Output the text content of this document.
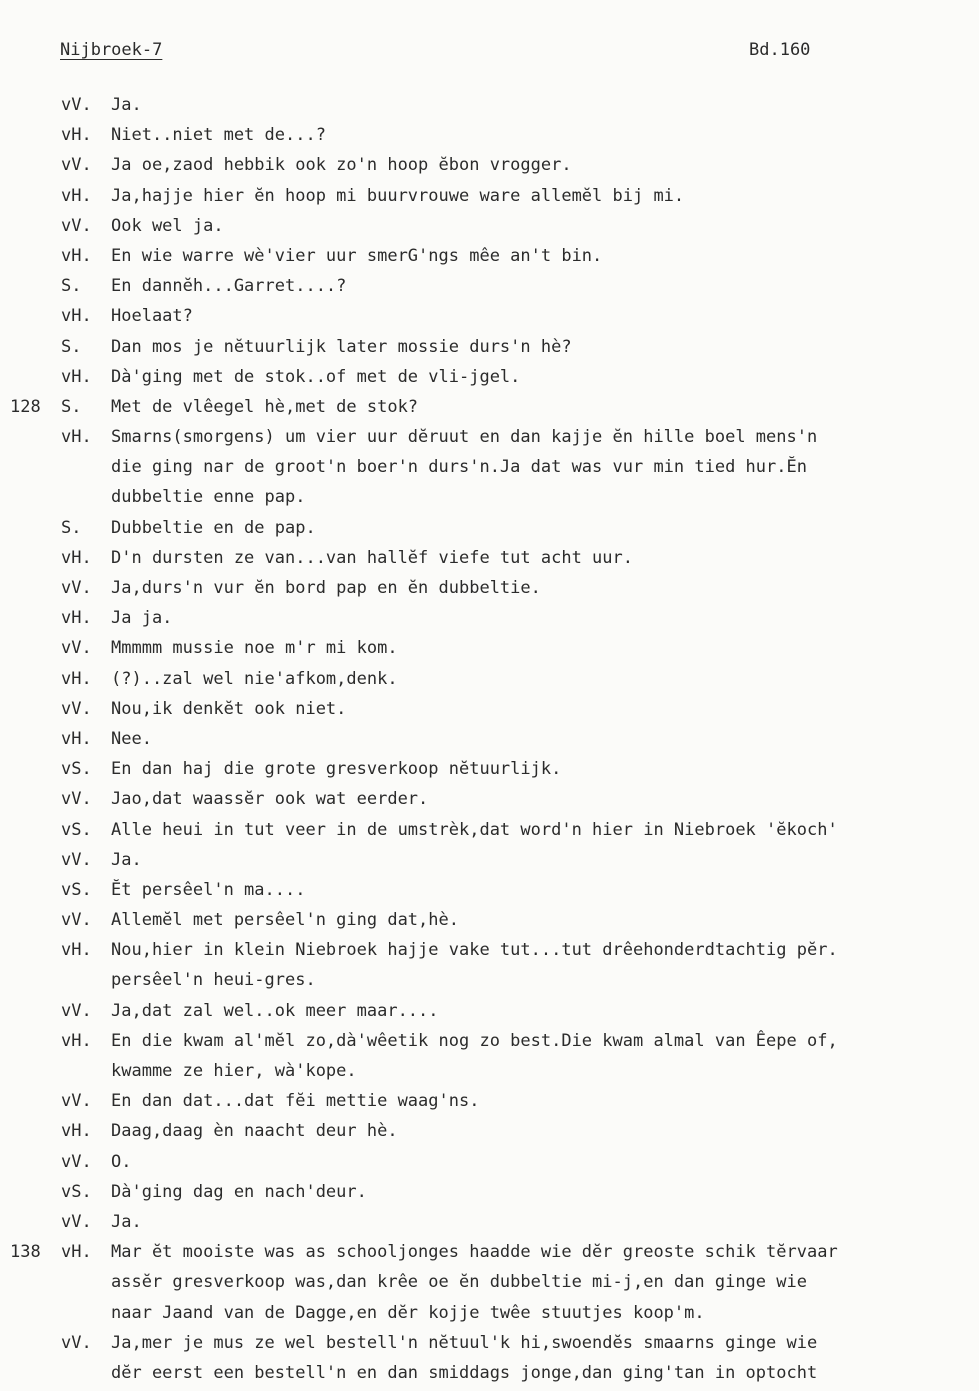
Nijbroek-7	Bd.160
vV.	Ja.
vH.	Niet..niet met de...?
vV.	Ja oe,zaod hebbik ook zo'n hoop ĕbon vrogger.
vH.	Ja,hajje hier ĕn hoop mi buurvrouwe ware allemĕl bij mi.
vV.	Ook wel ja.
vH.	En wie warre wè'vier uur smerG'ngs mêe an't bin.
S.	En dannĕh...Garret....?
vH.	Hoelaat?
S.	Dan mos je nĕtuurlijk later mossie durs'n hè?
vH.	Dà'ging met de stok..of met de vli-jgel.
128	S.	Met de vlêegel hè,met de stok?
vH.	Smarns(smorgens) um vier uur dĕruut en dan kajje ĕn hille boel mens'n
die ging nar de groot'n boer'n durs'n.Ja dat was vur min tied hur.Ĕn
dubbeltie enne pap.
S.	Dubbeltie en de pap.
vH.	D'n dursten ze van...van hallĕf viefe tut acht uur.
vV.	Ja,durs'n vur ĕn bord pap en ĕn dubbeltie.
vH.	Ja ja.
vV.	Mmmmm mussie noe m'r mi kom.
vH.	(?)..zal wel nie'afkom,denk.
vV.	Nou,ik denkĕt ook niet.
vH.	Nee.
vS.	En dan haj die grote gresverkoop nĕtuurlijk.
vV.	Jao,dat waassĕr ook wat eerder.
vS.	Alle heui in tut veer in de umstrèk,dat word'n hier in Niebroek 'ĕkoch'
vV.	Ja.
vS.	Ĕt persêel'n ma....
vV.	Allemĕl met persêel'n ging dat,hè.
vH.	Nou,hier in klein Niebroek hajje vake tut...tut drêehonderdtachtig pĕr.
persêel'n heui-gres.
vV.	Ja,dat zal wel..ok meer maar....
vH.	En die kwam al'mĕl zo,dà'wêetik nog zo best.Die kwam almal van Êepe of,
kwamme ze hier, wà'kope.
vV.	En dan dat...dat fĕi mettie waag'ns.
vH.	Daag,daag èn naacht deur hè.
vV.	O.
vS.	Dà'ging dag en nach'deur.
vV.	Ja.
138	vH.	Mar ĕt mooiste was as schooljonges haadde wie dĕr greoste schik tĕrvaar
assĕr gresverkoop was,dan krêe oe ĕn dubbeltie mi-j,en dan ginge wie
naar Jaand van de Dagge,en dĕr kojje twêe stuutjes koop'm.
vV.	Ja,mer je mus ze wel bestell'n nĕtuul'k hi,swoendĕs smaarns ginge wie
dĕr eerst een bestell'n en dan smiddags jonge,dan ging'tan in optocht
